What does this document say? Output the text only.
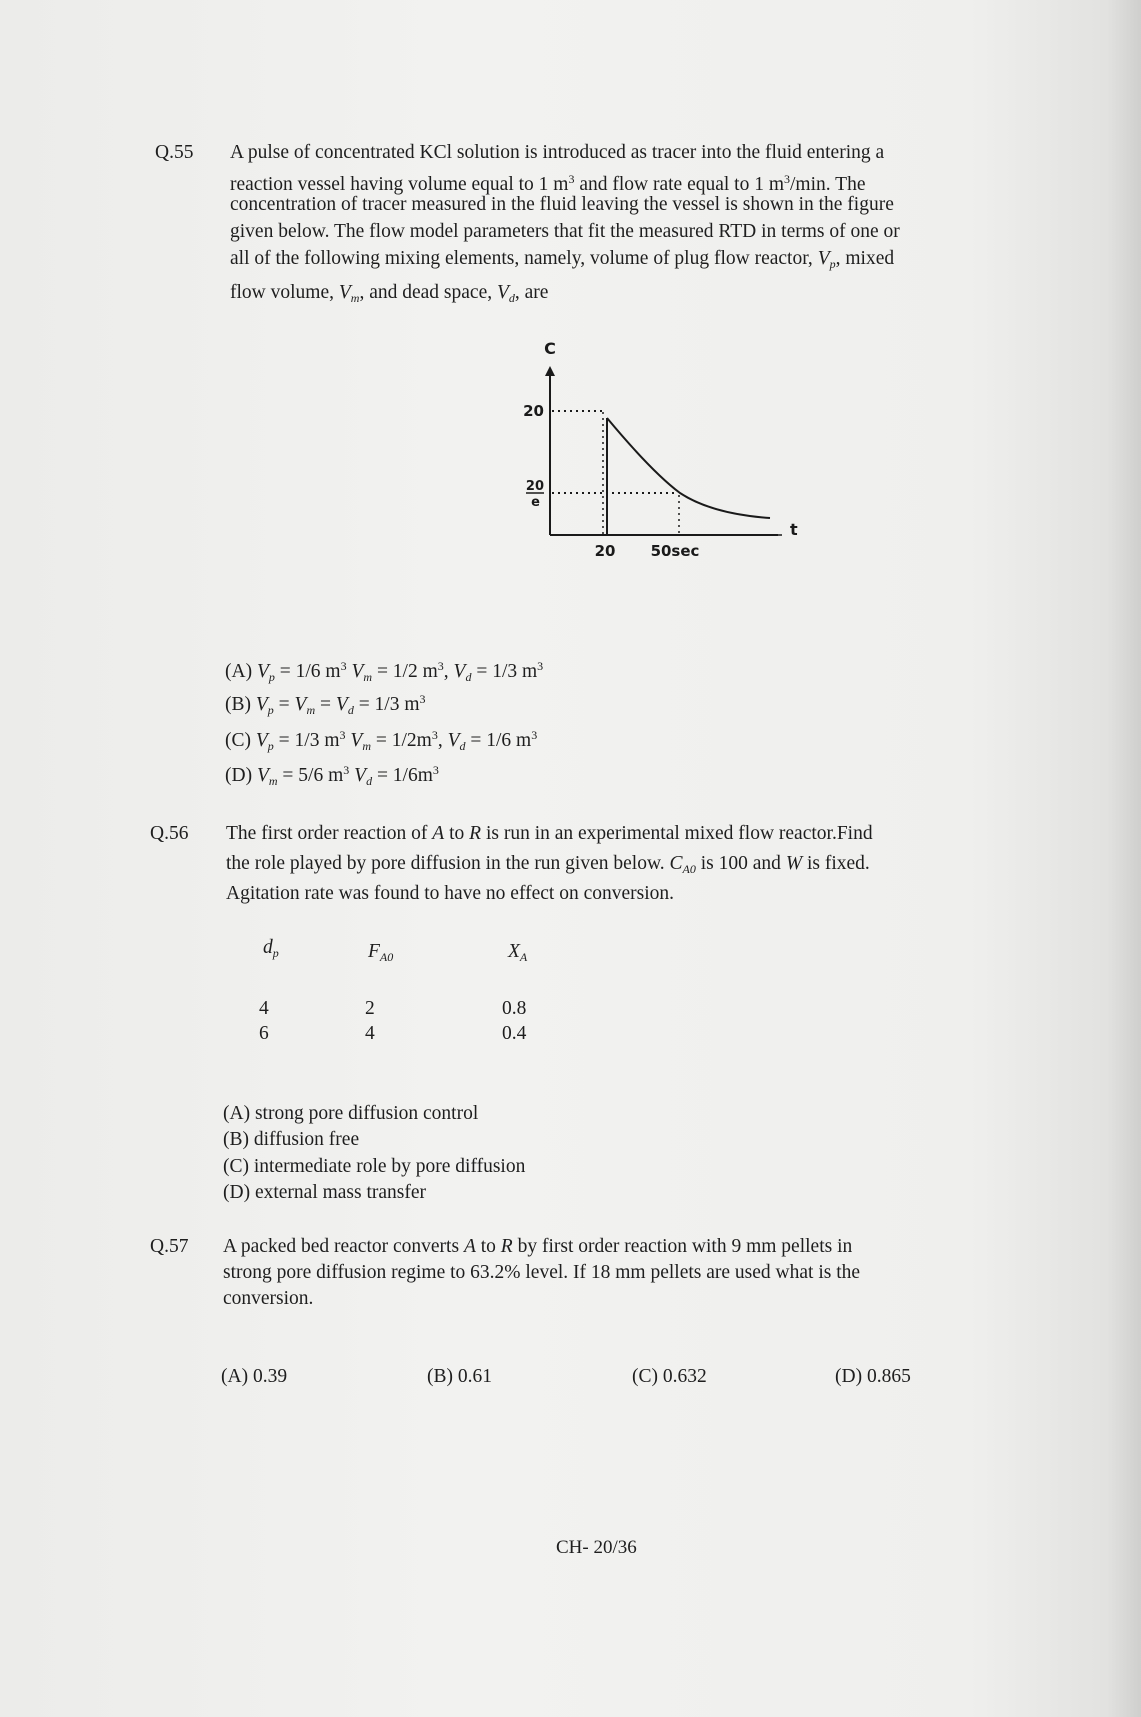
Q.55 A pulse of concentrated KCl solution is introduced as tracer into the fluid entering a
reaction vessel having volume equal to 1 $m^3$ and flow rate equal to 1 $m^3/\min$. The
concentration of tracer measured in the fluid leaving the vessel is shown in the figure
given below. The flow model parameters that fit the measured RTD in terms of one or
all of the following mixing elements, namely, volume of plug flow reactor, $V_p$, mixed
flow volume, $V_m$, and dead space, $V_d$, are
C
t
20
20
e
20 50sec
(A) $V_p = 1/6$ $m^3$ $V_m = 1/2$ $m^3$, $V_d = 1/3$ $m^3$
(B) $V_p = V_m = V_d = 1/3$ $m^3$
(C) $V_p = 1/3$ $m^3$ $V_m = 1/2m^3$, $V_d = 1/6$ $m^3$
(D) $V_m = 5/6$ $m^3$ $V_d = 1/6m^3$
Q.56 The first order reaction of A to R is run in an experimental mixed flow reactor.Find
the role played by pore diffusion in the run given below. $C_{A0}$ is 100 and W is fixed.
Agitation rate was found to have no effect on conversion.
$d_p$	$F_{A0}$	$X_A$
4	2	0.8
6	4	0.4
(A) strong pore diffusion control
(B) diffusion free
(C) intermediate role by pore diffusion
(D) external mass transfer
Q.57 A packed bed reactor converts A to R by first order reaction with 9 mm pellets in
strong pore diffusion regime to 63.2% level. If 18 mm pellets are used what is the
conversion.
(A) 0.39	(B) 0.61	(C) 0.632	(D) 0.865
CH- 20/36
